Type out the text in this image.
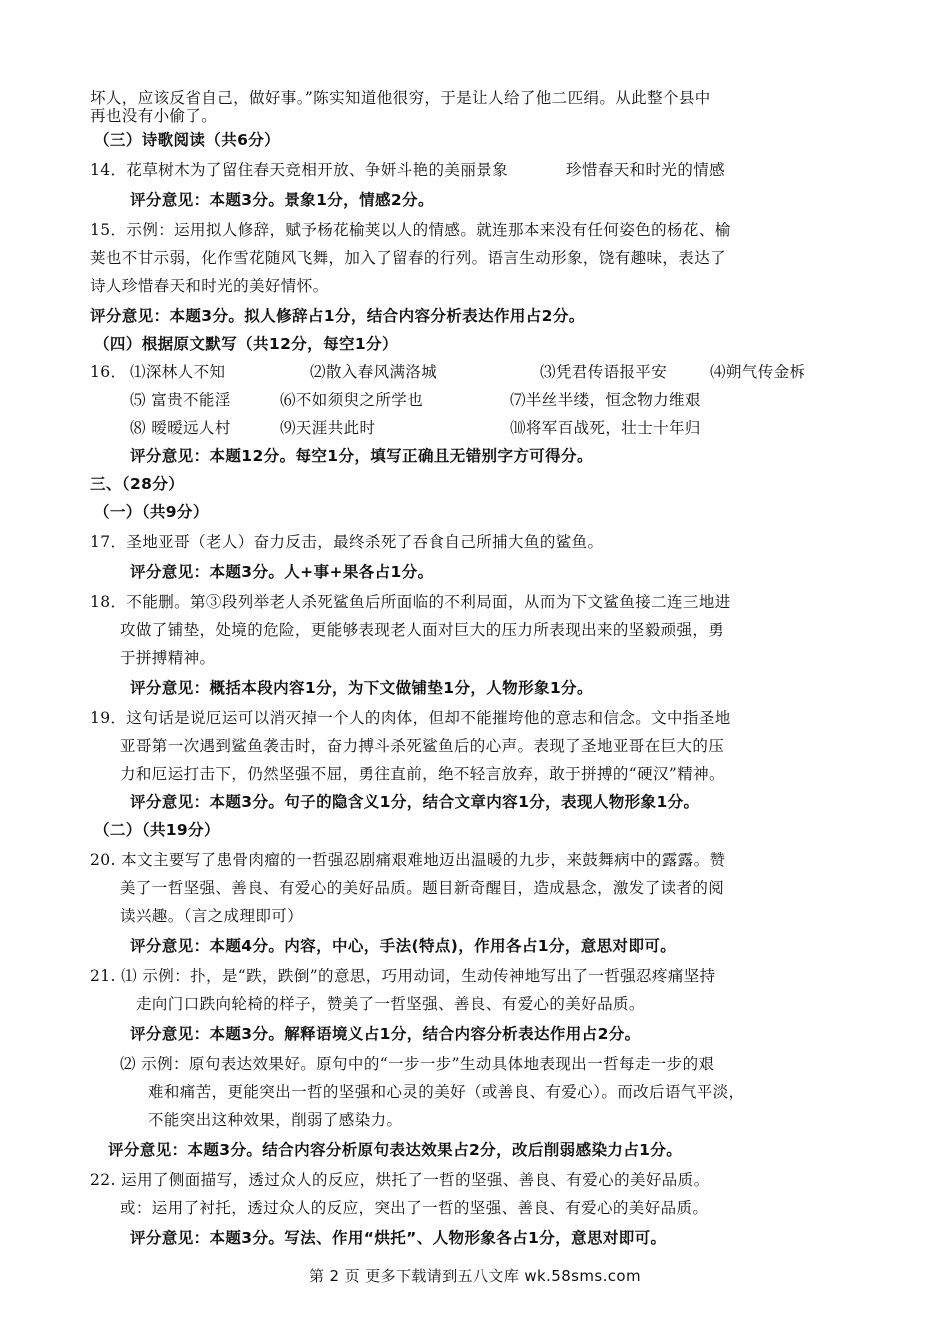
坏人，应该反省自己，做好事。”陈实知道他很穷，于是让人给了他二匹绢。从此整个县中
再也没有小偷了。
（三）诗歌阅读（共6分）
14．花草树木为了留住春天竞相开放、争妍斗艳的美丽景象	珍惜春天和时光的情感
评分意见：本题3分。景象1分，情感2分。
15．示例：运用拟人修辞，赋予杨花榆荚以人的情感。就连那本来没有任何姿色的杨花、榆
荚也不甘示弱，化作雪花随风飞舞，加入了留春的行列。语言生动形象，饶有趣味，表达了
诗人珍惜春天和时光的美好情怀。
评分意见：本题3分。拟人修辞占1分，结合内容分析表达作用占2分。
（四）根据原文默写（共12分，每空1分）
16． ⑴深林人不知	⑵散入春风满洛城	⑶凭君传语报平安	⑷朔气传金柝
⑸ 富贵不能淫	⑹不如须臾之所学也	⑺半丝半缕，恒念物力维艰
⑻ 暧暧远人村	⑼天涯共此时	⑽将军百战死，壮士十年归
评分意见：本题12分。每空1分，填写正确且无错别字方可得分。
三、（28分）
（一）（共9分）
17．圣地亚哥（老人）奋力反击，最终杀死了吞食自己所捕大鱼的鲨鱼。
评分意见：本题3分。人+事+果各占1分。
18．不能删。第③段列举老人杀死鲨鱼后所面临的不利局面，从而为下文鲨鱼接二连三地进
攻做了铺垫，处境的危险，更能够表现老人面对巨大的压力所表现出来的坚毅顽强，勇
于拼搏精神。
评分意见：概括本段内容1分，为下文做铺垫1分，人物形象1分。
19．这句话是说厄运可以消灭掉一个人的肉体，但却不能摧垮他的意志和信念。文中指圣地
亚哥第一次遇到鲨鱼袭击时，奋力搏斗杀死鲨鱼后的心声。表现了圣地亚哥在巨大的压
力和厄运打击下，仍然坚强不屈，勇往直前，绝不轻言放弃，敢于拼搏的“硬汉”精神。
评分意见：本题3分。句子的隐含义1分，结合文章内容1分，表现人物形象1分。
（二）（共19分）
20. 本文主要写了患骨肉瘤的一哲强忍剧痛艰难地迈出温暖的九步，来鼓舞病中的露露。赞
美了一哲坚强、善良、有爱心的美好品质。题目新奇醒目，造成悬念，激发了读者的阅
读兴趣。（言之成理即可）
评分意见：本题4分。内容，中心，手法(特点)，作用各占1分，意思对即可。
21. ⑴ 示例：扑，是“跌，跌倒”的意思，巧用动词，生动传神地写出了一哲强忍疼痛坚持
走向门口跌向轮椅的样子，赞美了一哲坚强、善良、有爱心的美好品质。
评分意见：本题3分。解释语境义占1分，结合内容分析表达作用占2分。
⑵ 示例：原句表达效果好。原句中的“一步一步”生动具体地表现出一哲每走一步的艰
难和痛苦，更能突出一哲的坚强和心灵的美好（或善良、有爱心）。而改后语气平淡，
不能突出这种效果，削弱了感染力。
评分意见：本题3分。结合内容分析原句表达效果占2分，改后削弱感染力占1分。
22. 运用了侧面描写，透过众人的反应，烘托了一哲的坚强、善良、有爱心的美好品质。
或：运用了衬托，透过众人的反应，突出了一哲的坚强、善良、有爱心的美好品质。
评分意见：本题3分。写法、作用“烘托”、人物形象各占1分，意思对即可。
第 2 页 更多下载请到五八文库 wk.58sms.com
